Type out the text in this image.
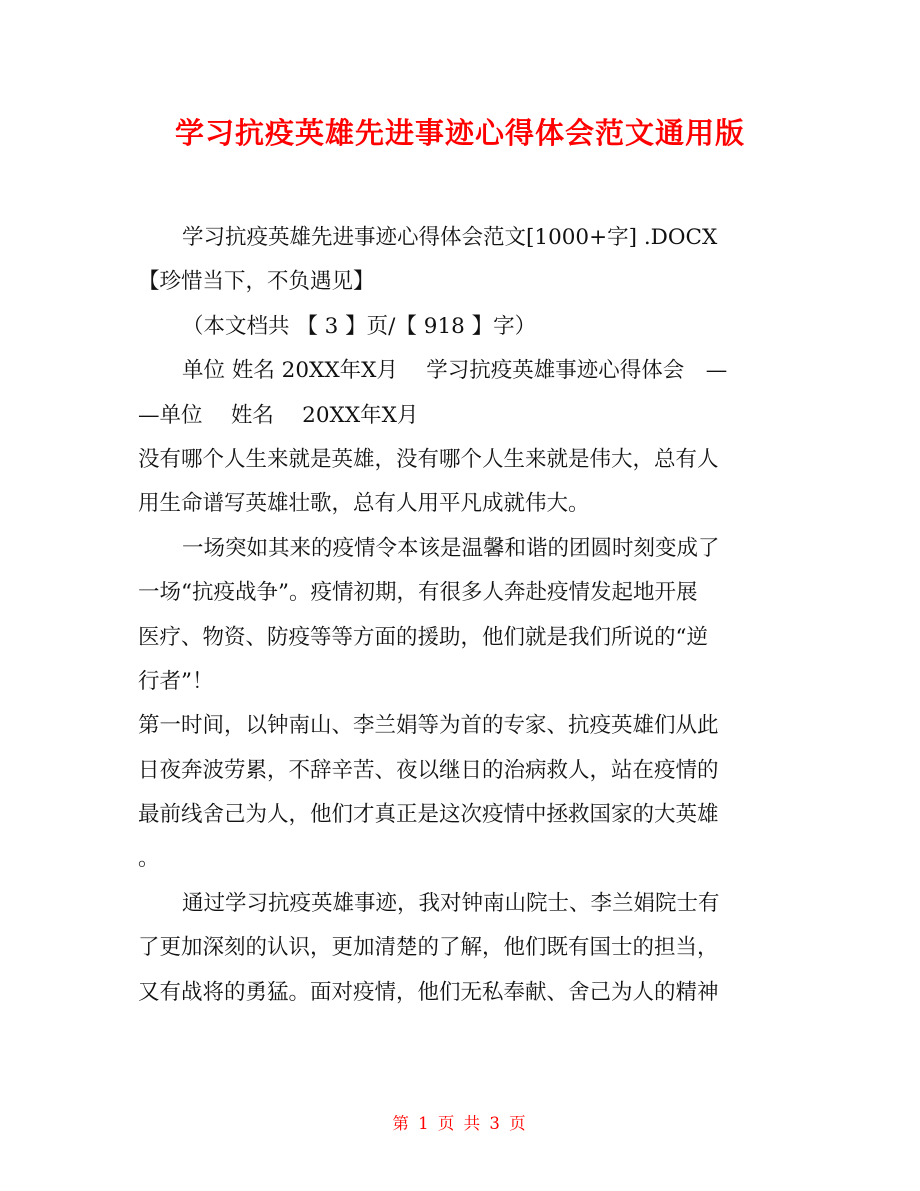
学习抗疫英雄先进事迹心得体会范文通用版
学习抗疫英雄先进事迹心得体会范文[1000+字] .DOCX
【珍惜当下，不负遇见】
（本文档共 【 3 】页/【 918 】字）
单位 姓名 20XX年X月　 学习抗疫英雄事迹心得体会　—
—单位　 姓名　 20XX年X月
没有哪个人生来就是英雄，没有哪个人生来就是伟大，总有人
用生命谱写英雄壮歌，总有人用平凡成就伟大。
一场突如其来的疫情令本该是温馨和谐的团圆时刻变成了
一场“抗疫战争”。疫情初期，有很多人奔赴疫情发起地开展
医疗、物资、防疫等等方面的援助，他们就是我们所说的“逆
行者”！
第一时间，以钟南山、李兰娟等为首的专家、抗疫英雄们从此
日夜奔波劳累，不辞辛苦、夜以继日的治病救人，站在疫情的
最前线舍己为人，他们才真正是这次疫情中拯救国家的大英雄
。
通过学习抗疫英雄事迹，我对钟南山院士、李兰娟院士有
了更加深刻的认识，更加清楚的了解，他们既有国士的担当，
又有战将的勇猛。面对疫情，他们无私奉献、舍己为人的精神
第 1 页 共 3 页
